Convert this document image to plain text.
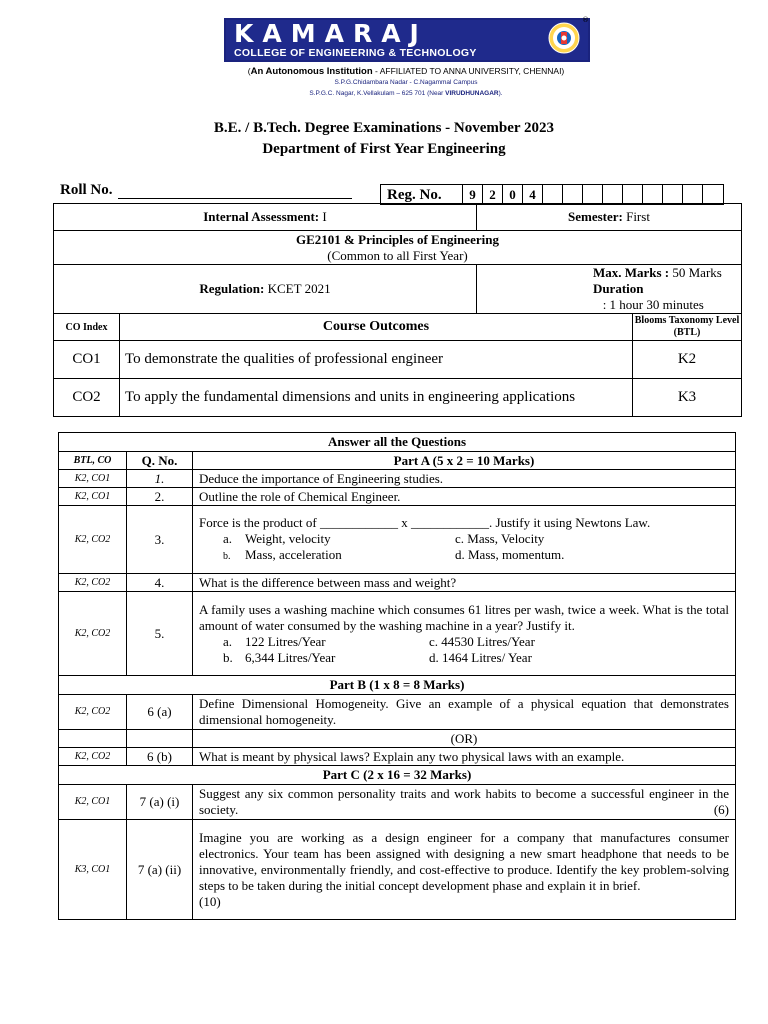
KAMARAJ
COLLEGE OF ENGINEERING & TECHNOLOGY
®
(An Autonomous Institution - AFFILIATED TO ANNA UNIVERSITY, CHENNAI)
S.P.G.Chidambara Nadar - C.Nagammal Campus
S.P.G.C. Nagar, K.Vellakulam – 625 701 (Near VIRUDHUNAGAR).
B.E. / B.Tech. Degree Examinations - November 2023
Department of First Year Engineering
Roll No.	Reg. No.	9	2	0	4
Internal Assessment: I		Semester: First	
GE2101 & Principles of Engineering
(Common to all First Year)			
Regulation: KCET 2021		Max. Marks : 50 Marks
Duration   : 1 hour 30 minutes	
CO Index	Course Outcomes		Blooms Taxonomy Level (BTL)
CO1	To demonstrate the qualities of professional engineer		K2
CO2	To apply the fundamental dimensions and units in engineering applications		K3
Answer all the Questions		
BTL, CO	Q. No.	Part A (5 x 2 = 10 Marks)
K2, CO1	1.	Deduce the importance of Engineering studies.
K2, CO1	2.	Outline the role of Chemical Engineer.
K2, CO2	3.	Force is the product of ____________ x ____________. Justify it using Newtons Law.
a. Weight, velocity c. Mass, Velocity
b. Mass, acceleration d. Mass, momentum.

K2, CO2	4.	What is the difference between mass and weight?
K2, CO2	5.	A family uses a washing machine which consumes 61 litres per wash, twice a week. What is the total amount of water consumed by the washing machine in a year? Justify it.
a. 122 Litres/Year c. 44530 Litres/Year
b. 6,344 Litres/Year d. 1464 Litres/ Year

Part B (1 x 8 = 8 Marks)		
K2, CO2	6 (a)	Define Dimensional Homogeneity. Give an example of a physical equation that demonstrates dimensional homogeneity.
		(OR)
K2, CO2	6 (b)	What is meant by physical laws? Explain any two physical laws with an example.
Part C (2 x 16 = 32 Marks)		
K2, CO1	7 (a) (i)	Suggest any six common personality traits and work habits to become a successful engineer in the society. (6)

K3, CO1	7 (a) (ii)	Imagine you are working as a design engineer for a company that manufactures consumer electronics. Your team has been assigned with designing a new smart headphone that needs to be innovative, environmentally friendly, and cost-effective to produce. Identify the key problem-solving steps to be taken during the initial concept development phase and explain it in brief.
(10)
